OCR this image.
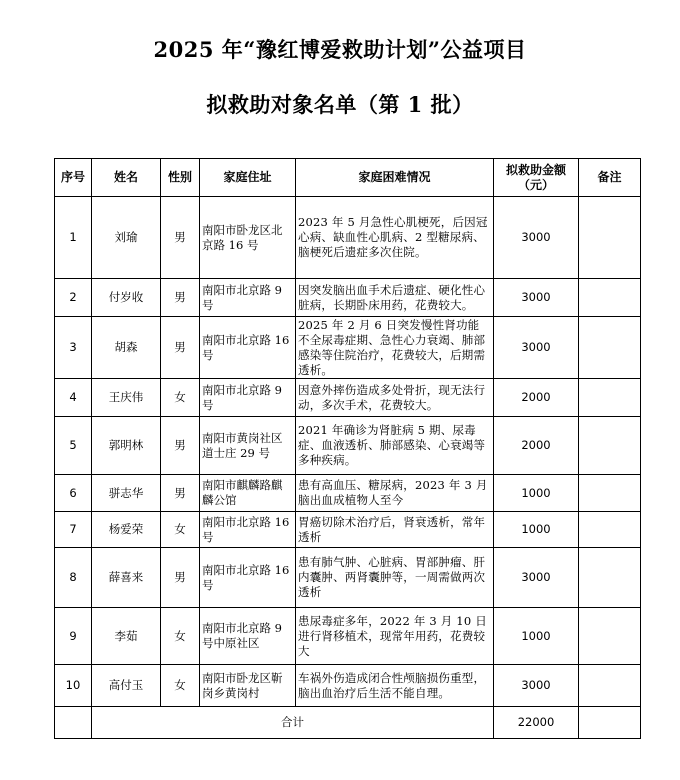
2025 年“豫红博爱救助计划”公益项目
拟救助对象名单（第 1 批）
序号	姓名	性别	家庭住址	家庭困难情况	拟救助金额（元）	备注
1	刘瑜	男	南阳市卧龙区北京路 16 号	2023 年 5 月急性心肌梗死，后因冠心病、缺血性心肌病、2 型糖尿病、脑梗死后遗症多次住院。	3000	
2	付岁收	男	南阳市北京路 9 号	因突发脑出血手术后遗症、硬化性心脏病，长期卧床用药，花费较大。	3000	
3	胡森	男	南阳市北京路 16 号	2025 年 2 月 6 日突发慢性肾功能不全尿毒症期、急性心力衰竭、肺部感染等住院治疗，花费较大，后期需透析。	3000	
4	王庆伟	女	南阳市北京路 9 号	因意外摔伤造成多处骨折，现无法行动，多次手术，花费较大。	2000	
5	郭明林	男	南阳市黄岗社区道士庄 29 号	2021 年确诊为肾脏病 5 期、尿毒症、血液透析、肺部感染、心衰竭等多种疾病。	2000	
6	骈志华	男	南阳市麒麟路麒麟公馆	患有高血压、糖尿病，2023 年 3 月脑出血成植物人至今	1000	
7	杨爱荣	女	南阳市北京路 16 号	胃癌切除术治疗后，肾衰透析，常年透析	1000	
8	薛喜来	男	南阳市北京路 16 号	患有肺气肿、心脏病、胃部肿瘤、肝内囊肿、两肾囊肿等，一周需做两次透析	3000	
9	李茹	女	南阳市北京路 9 号中原社区	患尿毒症多年，2022 年 3 月 10 日进行肾移植术，现常年用药，花费较大	1000	
10	高付玉	女	南阳市卧龙区靳岗乡黄岗村	车祸外伤造成闭合性颅脑损伤重型，脑出血治疗后生活不能自理。	3000	
	合计				22000	
